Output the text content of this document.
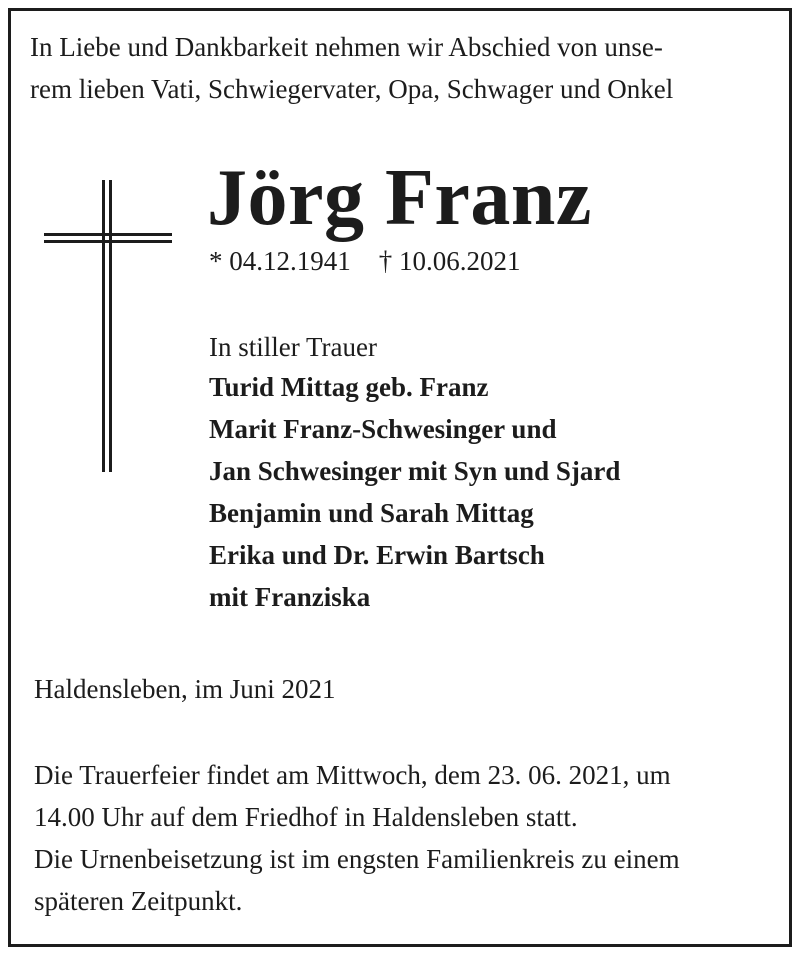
In Liebe und Dankbarkeit nehmen wir Abschied von unse-
rem lieben Vati, Schwiegervater, Opa, Schwager und Onkel
Jörg Franz
* 04.12.1941 † 10.06.2021
In stiller Trauer
Turid Mittag geb. Franz
Marit Franz-Schwesinger und
Jan Schwesinger mit Syn und Sjard
Benjamin und Sarah Mittag
Erika und Dr. Erwin Bartsch
mit Franziska
Haldensleben, im Juni 2021
Die Trauerfeier findet am Mittwoch, dem 23. 06. 2021, um
14.00 Uhr auf dem Friedhof in Haldensleben statt.
Die Urnenbeisetzung ist im engsten Familienkreis zu einem
späteren Zeitpunkt.
